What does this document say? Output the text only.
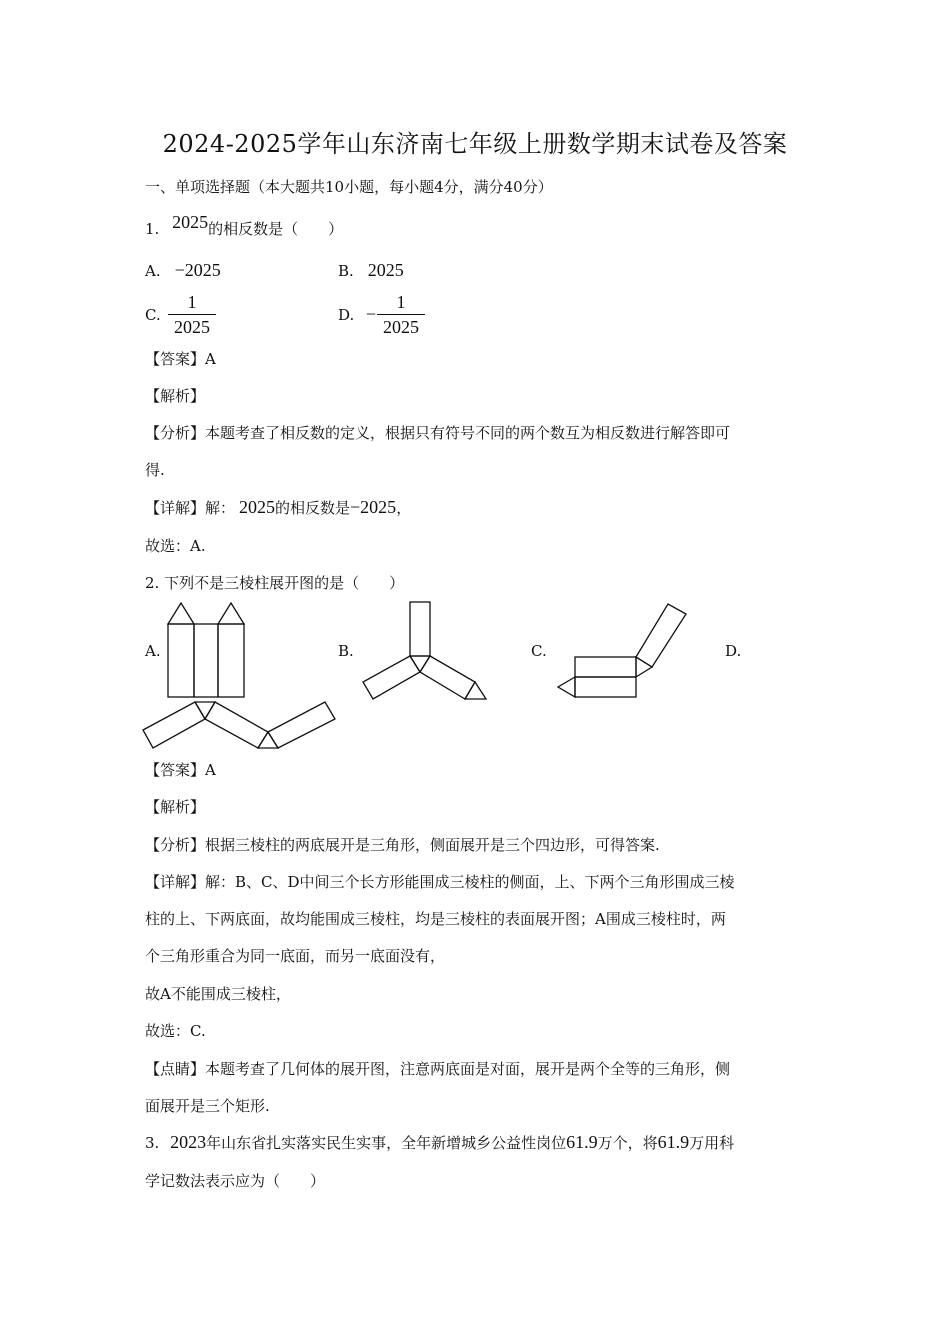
2024-2025学年山东济南七年级上册数学期末试卷及答案
一、单项选择题（本大题共10小题，每小题4分，满分40分）
1. 2025的相反数是（　　）
A. −2025	B. 2025
C.
1
2025
D. −
1
2025
【答案】A
【解析】
【分析】本题考查了相反数的定义，根据只有符号不同的两个数互为相反数进行解答即可
得.
【详解】解： 2025的相反数是−2025，
故选：A.
2. 下列不是三棱柱展开图的是（　　）
A.	B.	C.	D.
【答案】A
【解析】
【分析】根据三棱柱的两底展开是三角形，侧面展开是三个四边形，可得答案.
【详解】解：B、C、D中间三个长方形能围成三棱柱的侧面，上、下两个三角形围成三棱
柱的上、下两底面，故均能围成三棱柱，均是三棱柱的表面展开图；A围成三棱柱时，两
个三角形重合为同一底面，而另一底面没有，
故A不能围成三棱柱，
故选：C.
【点睛】本题考查了几何体的展开图，注意两底面是对面，展开是两个全等的三角形，侧
面展开是三个矩形.
3. 2023年山东省扎实落实民生实事，全年新增城乡公益性岗位61.9万个，将61.9万用科
学记数法表示应为（　　）
